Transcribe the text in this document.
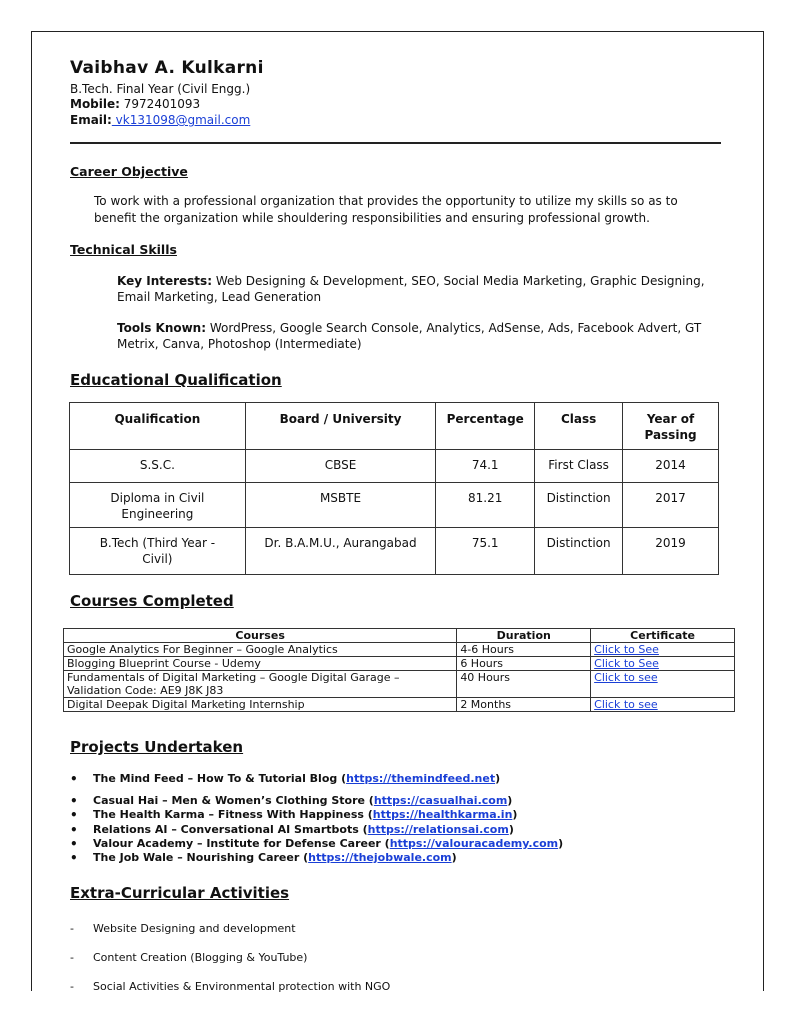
Vaibhav A. Kulkarni
B.Tech. Final Year (Civil Engg.)
Mobile: 7972401093
Email: vk131098@gmail.com
Career Objective
To work with a professional organization that provides the opportunity to utilize my skills so as to benefit the organization while shouldering responsibilities and ensuring professional growth.
Technical Skills
Key Interests: Web Designing & Development, SEO, Social Media Marketing, Graphic Designing, Email Marketing, Lead Generation
Tools Known: WordPress, Google Search Console, Analytics, AdSense, Ads, Facebook Advert, GT Metrix, Canva, Photoshop (Intermediate)
Educational Qualification
Qualification	Board / University	Percentage	Class	Year of Passing
S.S.C.	CBSE	74.1	First Class	2014
Diploma in Civil Engineering	MSBTE	81.21	Distinction	2017
B.Tech (Third Year - Civil)	Dr. B.A.M.U., Aurangabad	75.1	Distinction	2019
Courses Completed
Courses	Duration	Certificate
Google Analytics For Beginner – Google Analytics	4-6 Hours	Click to See
Blogging Blueprint Course - Udemy	6 Hours	Click to See
Fundamentals of Digital Marketing – Google Digital Garage – Validation Code: AE9 J8K J83	40 Hours	Click to see
Digital Deepak Digital Marketing Internship	2 Months	Click to see
Projects Undertaken
• The Mind Feed – How To & Tutorial Blog (https://themindfeed.net)
• Casual Hai – Men & Women’s Clothing Store (https://casualhai.com)
• The Health Karma – Fitness With Happiness (https://healthkarma.in)
• Relations AI – Conversational AI Smartbots (https://relationsai.com)
• Valour Academy – Institute for Defense Career (https://valouracademy.com)
• The Job Wale – Nourishing Career (https://thejobwale.com)
Extra-Curricular Activities
- Website Designing and development
- Content Creation (Blogging & YouTube)
- Social Activities & Environmental protection with NGO
